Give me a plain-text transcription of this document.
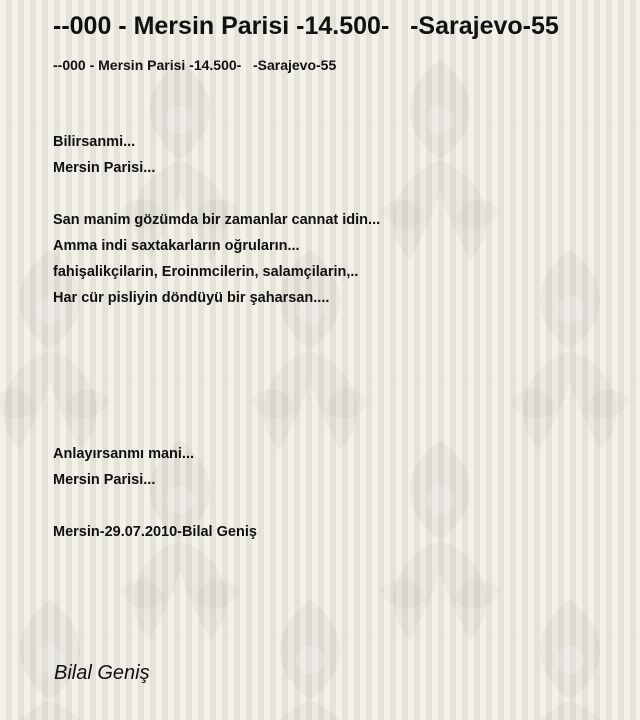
--000 - Mersin Parisi -14.500-   -Sarajevo-55
--000 - Mersin Parisi -14.500-   -Sarajevo-55
Bilirsanmi...
Mersin Parisi...
San manim gözümda bir zamanlar cannat idin...
Amma indi saxtakarların oğruların...
fahişalikçilarin, Eroinmcilerin, salamçilarin,..
Har cür pisliyin döndüyü bir şaharsan....
Anlayırsanmı mani...
Mersin Parisi...
Mersin-29.07.2010-Bilal Geniş
Bilal Geniş
